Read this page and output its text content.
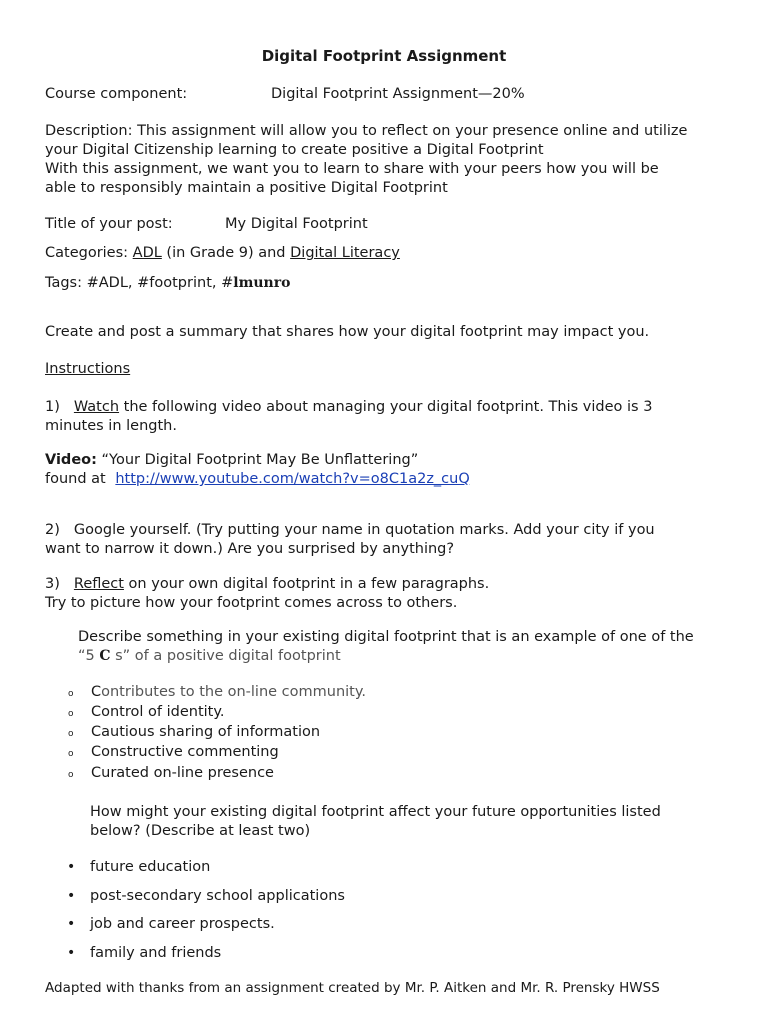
Digital Footprint Assignment
Course component:	Digital Footprint Assignment—20%
Description: This assignment will allow you to reflect on your presence online and utilize
your Digital Citizenship learning to create positive a Digital Footprint
With this assignment, we want you to learn to share with your peers how you will be
able to responsibly maintain a positive Digital Footprint
Title of your post:	My Digital Footprint
Categories: ADL (in Grade 9) and Digital Literacy
Tags: #ADL, #footprint, #lmunro
Create and post a summary that shares how your digital footprint may impact you.
Instructions
1) Watch the following video about managing your digital footprint. This video is 3
minutes in length.
Video: “Your Digital Footprint May Be Unflattering”
found at http://www.youtube.com/watch?v=o8C1a2z_cuQ
2) Google yourself. (Try putting your name in quotation marks. Add your city if you
want to narrow it down.) Are you surprised by anything?
3) Reflect on your own digital footprint in a few paragraphs.
Try to picture how your footprint comes across to others.
Describe something in your existing digital footprint that is an example of one of the
“5 C s” of a positive digital footprint
o Contributes to the on-line community.
o Control of identity.
o Cautious sharing of information
o Constructive commenting
o Curated on-line presence
How might your existing digital footprint affect your future opportunities listed
below? (Describe at least two)
• future education
• post-secondary school applications
• job and career prospects.
• family and friends
Adapted with thanks from an assignment created by Mr. P. Aitken and Mr. R. Prensky HWSS
